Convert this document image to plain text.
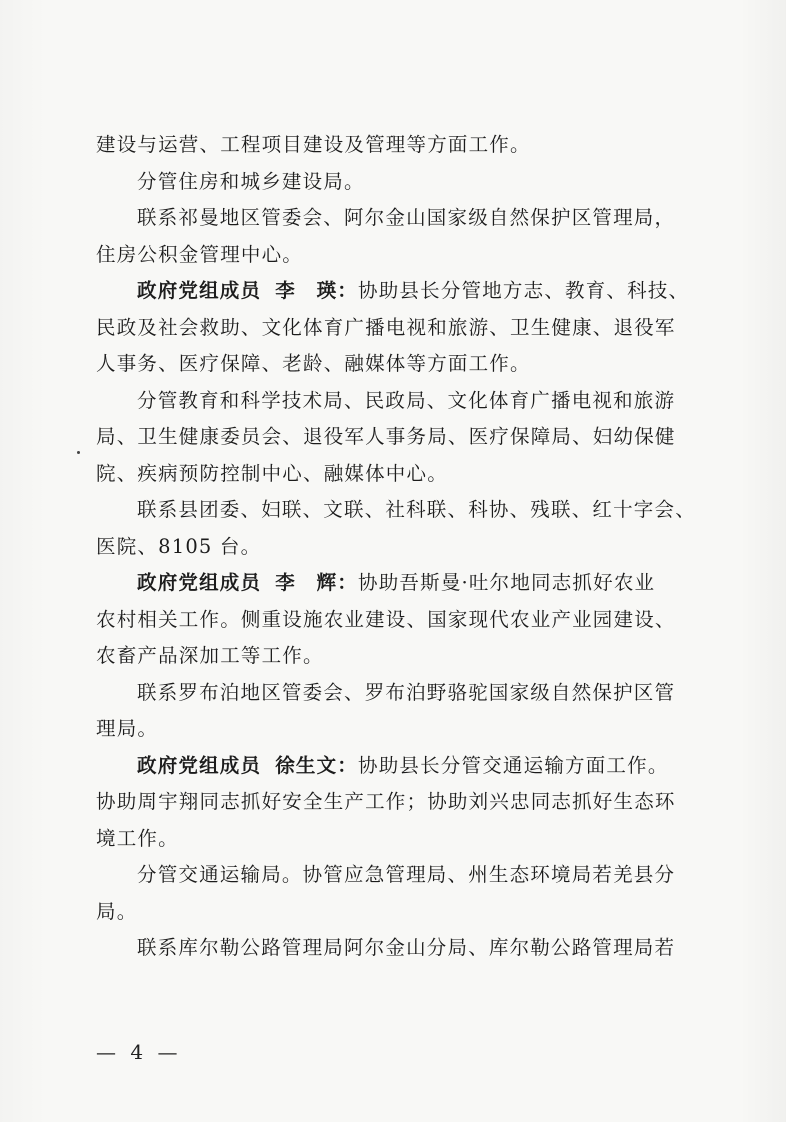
建设与运营、工程项目建设及管理等方面工作。
分管住房和城乡建设局。
联系祁曼地区管委会、阿尔金山国家级自然保护区管理局，
住房公积金管理中心。
政府党组成员 李　瑛：协助县长分管地方志、教育、科技、
民政及社会救助、文化体育广播电视和旅游、卫生健康、退役军
人事务、医疗保障、老龄、融媒体等方面工作。
分管教育和科学技术局、民政局、文化体育广播电视和旅游
局、卫生健康委员会、退役军人事务局、医疗保障局、妇幼保健
院、疾病预防控制中心、融媒体中心。
联系县团委、妇联、文联、社科联、科协、残联、红十字会、
医院、8105 台。
政府党组成员 李　辉：协助吾斯曼·吐尔地同志抓好农业
农村相关工作。侧重设施农业建设、国家现代农业产业园建设、
农畜产品深加工等工作。
联系罗布泊地区管委会、罗布泊野骆驼国家级自然保护区管
理局。
政府党组成员 徐生文：协助县长分管交通运输方面工作。
协助周宇翔同志抓好安全生产工作；协助刘兴忠同志抓好生态环
境工作。
分管交通运输局。协管应急管理局、州生态环境局若羌县分
局。
联系库尔勒公路管理局阿尔金山分局、库尔勒公路管理局若
— 4 —
